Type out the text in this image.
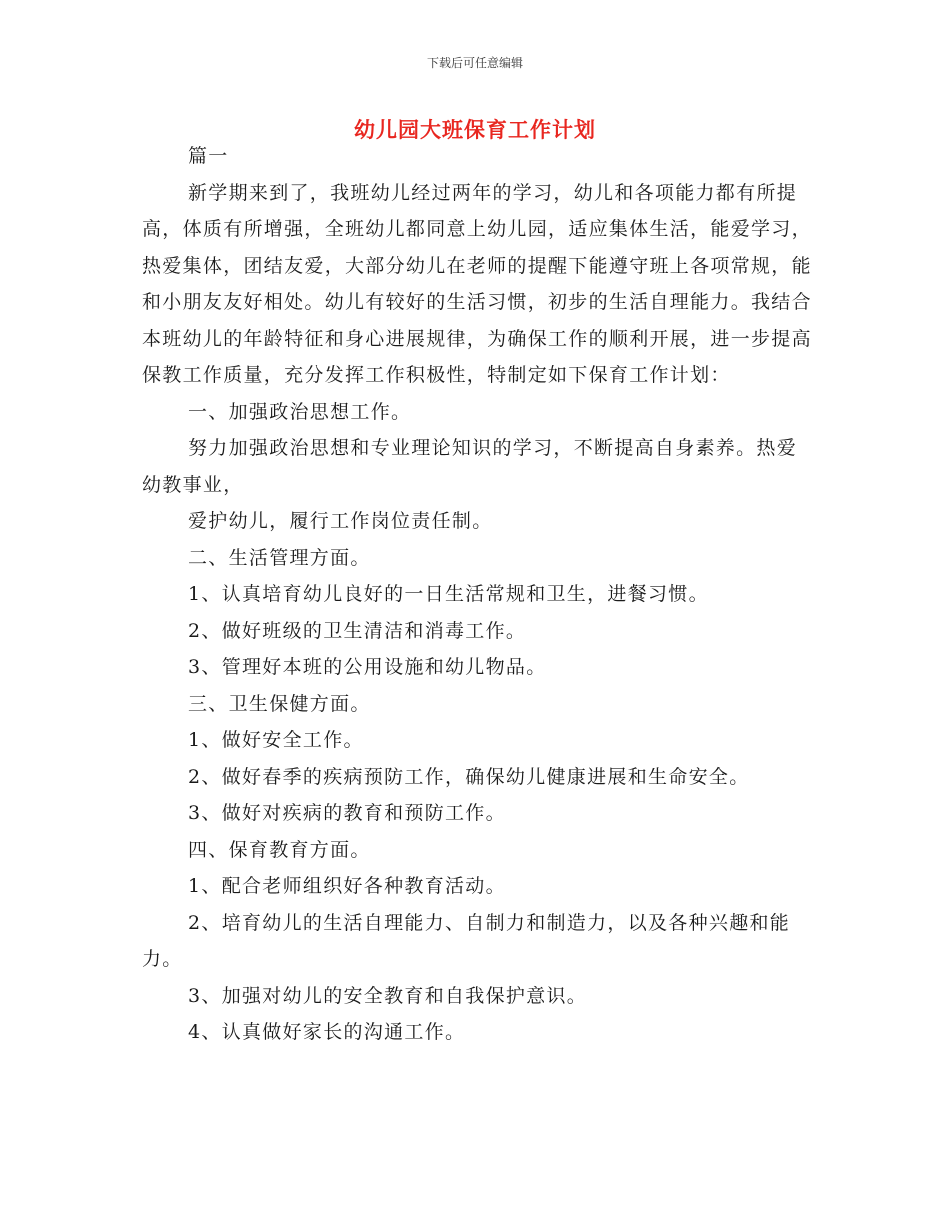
下载后可任意编辑
幼儿园大班保育工作计划

篇一

新学期来到了，我班幼儿经过两年的学习，幼儿和各项能力都有所提高，体质有所增强，全班幼儿都同意上幼儿园，适应集体生活，能爱学习，热爱集体，团结友爱，大部分幼儿在老师的提醒下能遵守班上各项常规，能和小朋友友好相处。幼儿有较好的生活习惯，初步的生活自理能力。我结合本班幼儿的年龄特征和身心进展规律，为确保工作的顺利开展，进一步提高保教工作质量，充分发挥工作积极性，特制定如下保育工作计划：

一、加强政治思想工作。

努力加强政治思想和专业理论知识的学习，不断提高自身素养。热爱幼教事业，

爱护幼儿，履行工作岗位责任制。

二、生活管理方面。

1、认真培育幼儿良好的一日生活常规和卫生，进餐习惯。

2、做好班级的卫生清洁和消毒工作。

3、管理好本班的公用设施和幼儿物品。

三、卫生保健方面。

1、做好安全工作。

2、做好春季的疾病预防工作，确保幼儿健康进展和生命安全。

3、做好对疾病的教育和预防工作。

四、保育教育方面。

1、配合老师组织好各种教育活动。

2、培育幼儿的生活自理能力、自制力和制造力，以及各种兴趣和能力。

3、加强对幼儿的安全教育和自我保护意识。

4、认真做好家长的沟通工作。
